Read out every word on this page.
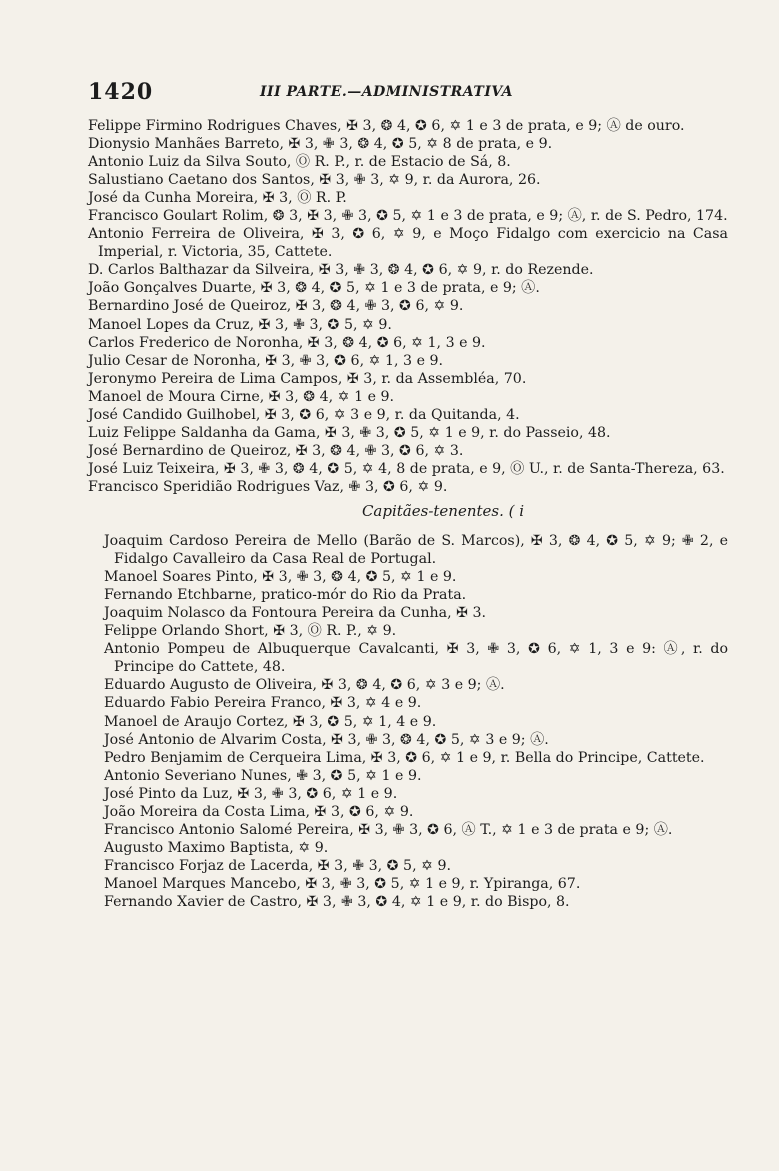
1420	III PARTE.—ADMINISTRATIVA

Felippe Firmino Rodrigues Chaves, ✠ 3, ❂ 4, ✪ 6, ✡ 1 e 3 de prata, e 9; Ⓐ de ouro.

Dionysio Manhães Barreto, ✠ 3, ✙ 3, ❂ 4, ✪ 5, ✡ 8 de prata, e 9.

Antonio Luiz da Silva Souto, Ⓞ R. P., r. de Estacio de Sá, 8.

Salustiano Caetano dos Santos, ✠ 3, ✙ 3, ✡ 9, r. da Aurora, 26.

José da Cunha Moreira, ✠ 3, Ⓞ R. P.

Francisco Goulart Rolim, ❂ 3, ✠ 3, ✙ 3, ✪ 5, ✡ 1 e 3 de prata, e 9; Ⓐ, r. de S. Pedro, 174.

Antonio Ferreira de Oliveira, ✠ 3, ✪ 6, ✡ 9, e Moço Fidalgo com exercicio na Casa Imperial, r. Victoria, 35, Cattete.

D. Carlos Balthazar da Silveira, ✠ 3, ✙ 3, ❂ 4, ✪ 6, ✡ 9, r. do Rezende.

João Gonçalves Duarte, ✠ 3, ❂ 4, ✪ 5, ✡ 1 e 3 de prata, e 9; Ⓐ.

Bernardino José de Queiroz, ✠ 3, ❂ 4, ✙ 3, ✪ 6, ✡ 9.

Manoel Lopes da Cruz, ✠ 3, ✙ 3, ✪ 5, ✡ 9.

Carlos Frederico de Noronha, ✠ 3, ❂ 4, ✪ 6, ✡ 1, 3 e 9.

Julio Cesar de Noronha, ✠ 3, ✙ 3, ✪ 6, ✡ 1, 3 e 9.

Jeronymo Pereira de Lima Campos, ✠ 3, r. da Assembléa, 70.

Manoel de Moura Cirne, ✠ 3, ❂ 4, ✡ 1 e 9.

José Candido Guilhobel, ✠ 3, ✪ 6, ✡ 3 e 9, r. da Quitanda, 4.

Luiz Felippe Saldanha da Gama, ✠ 3, ✙ 3, ✪ 5, ✡ 1 e 9, r. do Passeio, 48.

José Bernardino de Queiroz, ✠ 3, ❂ 4, ✙ 3, ✪ 6, ✡ 3.

José Luiz Teixeira, ✠ 3, ✙ 3, ❂ 4, ✪ 5, ✡ 4, 8 de prata, e 9, Ⓞ U., r. de Santa-Thereza, 63.

Francisco Speridião Rodrigues Vaz, ✙ 3, ✪ 6, ✡ 9.

Capitães-tenentes. ( i

Joaquim Cardoso Pereira de Mello (Barão de S. Marcos), ✠ 3, ❂ 4, ✪ 5, ✡ 9; ✙ 2, e Fidalgo Cavalleiro da Casa Real de Portugal.

Manoel Soares Pinto, ✠ 3, ✙ 3, ❂ 4, ✪ 5, ✡ 1 e 9.

Fernando Etchbarne, pratico-mór do Rio da Prata.

Joaquim Nolasco da Fontoura Pereira da Cunha, ✠ 3.

Felippe Orlando Short, ✠ 3, Ⓞ R. P., ✡ 9.

Antonio Pompeu de Albuquerque Cavalcanti, ✠ 3, ✙ 3, ✪ 6, ✡ 1, 3 e 9: Ⓐ, r. do Principe do Cattete, 48.

Eduardo Augusto de Oliveira, ✠ 3, ❂ 4, ✪ 6, ✡ 3 e 9; Ⓐ.

Eduardo Fabio Pereira Franco, ✠ 3, ✡ 4 e 9.

Manoel de Araujo Cortez, ✠ 3, ✪ 5, ✡ 1, 4 e 9.

José Antonio de Alvarim Costa, ✠ 3, ✙ 3, ❂ 4, ✪ 5, ✡ 3 e 9; Ⓐ.

Pedro Benjamim de Cerqueira Lima, ✠ 3, ✪ 6, ✡ 1 e 9, r. Bella do Principe, Cattete.

Antonio Severiano Nunes, ✙ 3, ✪ 5, ✡ 1 e 9.

José Pinto da Luz, ✠ 3, ✙ 3, ✪ 6, ✡ 1 e 9.

João Moreira da Costa Lima, ✠ 3, ✪ 6, ✡ 9.

Francisco Antonio Salomé Pereira, ✠ 3, ✙ 3, ✪ 6, Ⓐ T., ✡ 1 e 3 de prata e 9; Ⓐ.

Augusto Maximo Baptista, ✡ 9.

Francisco Forjaz de Lacerda, ✠ 3, ✙ 3, ✪ 5, ✡ 9.

Manoel Marques Mancebo, ✠ 3, ✙ 3, ✪ 5, ✡ 1 e 9, r. Ypiranga, 67.

Fernando Xavier de Castro, ✠ 3, ✙ 3, ✪ 4, ✡ 1 e 9, r. do Bispo, 8.
